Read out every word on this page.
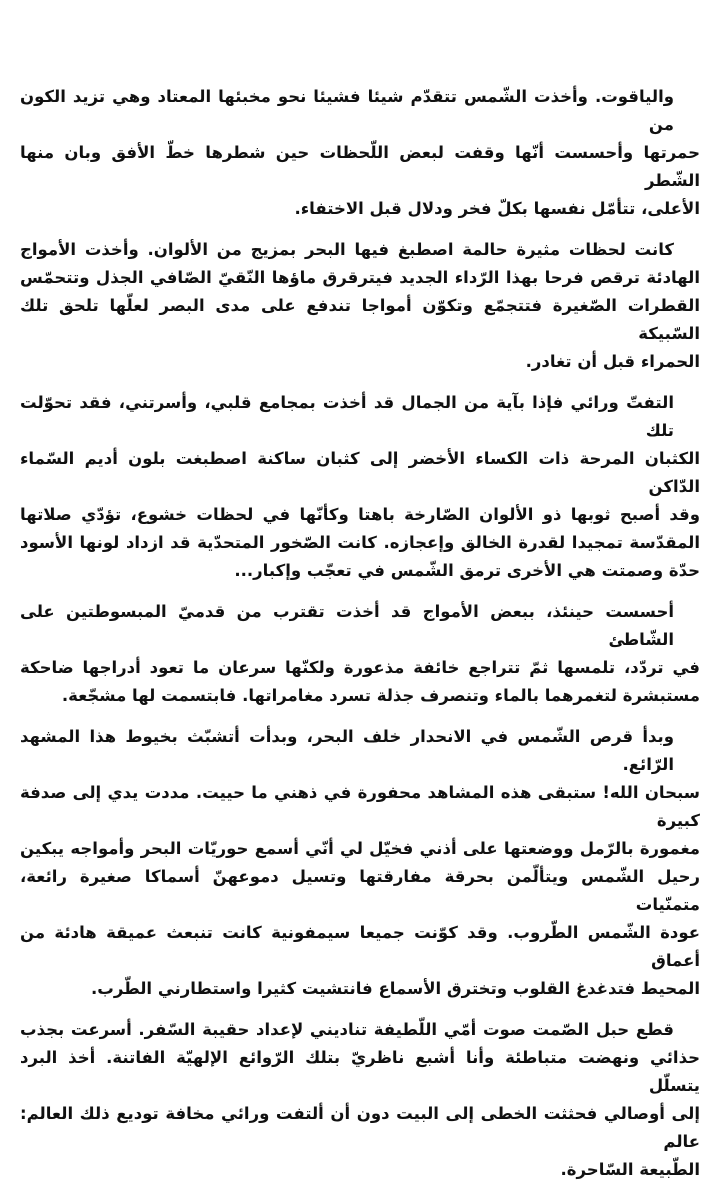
والياقوت. وأخذت الشّمس تتقدّم شيئا فشيئا نحو مخبئها المعتاد وهي تزيد الكون من
حمرتها وأحسست أنّها وقفت لبعض اللّحظات حين شطرها خطّ الأفق وبان منها الشّطر
الأعلى، تتأمّل نفسها بكلّ فخر ودلال قبل الاختفاء.
كانت لحظات مثيرة حالمة اصطبغ فيها البحر بمزيج من الألوان. وأخذت الأمواج
الهادئة ترقص فرحا بهذا الرّداء الجديد فيترقرق ماؤها النّقيّ الصّافي الجذل وتتحمّس
القطرات الصّغيرة فتتجمّع وتكوّن أمواجا تندفع على مدى البصر لعلّها تلحق تلك السّبيكة
الحمراء قبل أن تغادر.
التفتّ ورائي فإذا بآية من الجمال قد أخذت بمجامع قلبي، وأسرتني، فقد تحوّلت تلك
الكثبان المرحة ذات الكساء الأخضر إلى كثبان ساكنة اصطبغت بلون أديم السّماء الدّاكن
وقد أصبح ثوبها ذو الألوان الصّارخة باهتا وكأنّها في لحظات خشوع، تؤدّي صلاتها
المقدّسة تمجيدا لقدرة الخالق وإعجازه. كانت الصّخور المتحدّية قد ازداد لونها الأسود
حدّة وصمتت هي الأخرى ترمق الشّمس في تعجّب وإكبار...
أحسست حينئذ، ببعض الأمواج قد أخذت تقترب من قدميّ المبسوطتين على الشّاطئ
في تردّد، تلمسها ثمّ تتراجع خائفة مذعورة ولكنّها سرعان ما تعود أدراجها ضاحكة
مستبشرة لتغمرهما بالماء وتنصرف جذلة تسرد مغامراتها. فابتسمت لها مشجّعة.
وبدأ قرص الشّمس في الانحدار خلف البحر، وبدأت أتشبّث بخيوط هذا المشهد الرّائع.
سبحان الله! ستبقى هذه المشاهد محفورة في ذهني ما حييت. مددت يدي إلى صدفة كبيرة
مغمورة بالرّمل ووضعتها على أذني فخيّل لي أنّي أسمع حوريّات البحر وأمواجه يبكين
رحيل الشّمس ويتألّمن بحرقة مفارقتها وتسيل دموعهنّ أسماكا صغيرة رائعة، متمنّيات
عودة الشّمس الطّروب. وقد كوّنت جميعا سيمفونية كانت تنبعث عميقة هادئة من أعماق
المحيط فتدغدغ القلوب وتخترق الأسماع فانتشيت كثيرا واستطارني الطّرب.
قطع حبل الصّمت صوت أمّي اللّطيفة تناديني لإعداد حقيبة السّفر. أسرعت بجذب
حذائي ونهضت متباطئة وأنا أشبع ناظريّ بتلك الرّوائع الإلهيّة الفاتنة. أخذ البرد يتسلّل
إلى أوصالي فحثثت الخطى إلى البيت دون أن ألتفت ورائي مخافة توديع ذلك العالم: عالم
الطّبيعة السّاحرة.
